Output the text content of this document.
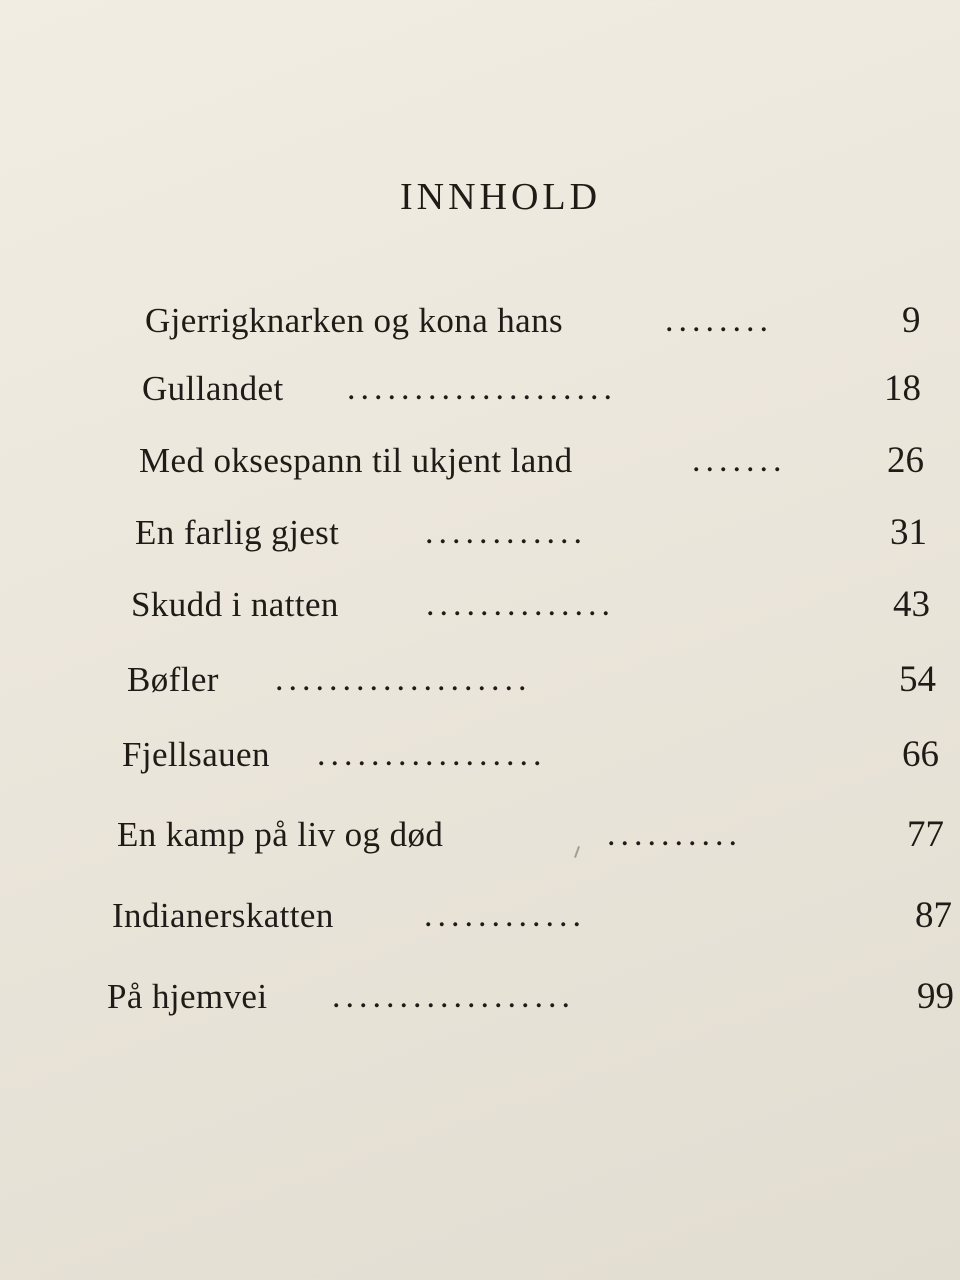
INNHOLD
Gjerrigknarken og kona hans	........	9
Gullandet ....................	18
Med oksespann til ukjent land	.......	26
En farlig gjest	............	31
Skudd i natten	..............	43
Bøfler ...................	54
Fjellsauen .................	66
En kamp på liv og død	..........	77
Indianerskatten	............	87
På hjemvei ..................	99
